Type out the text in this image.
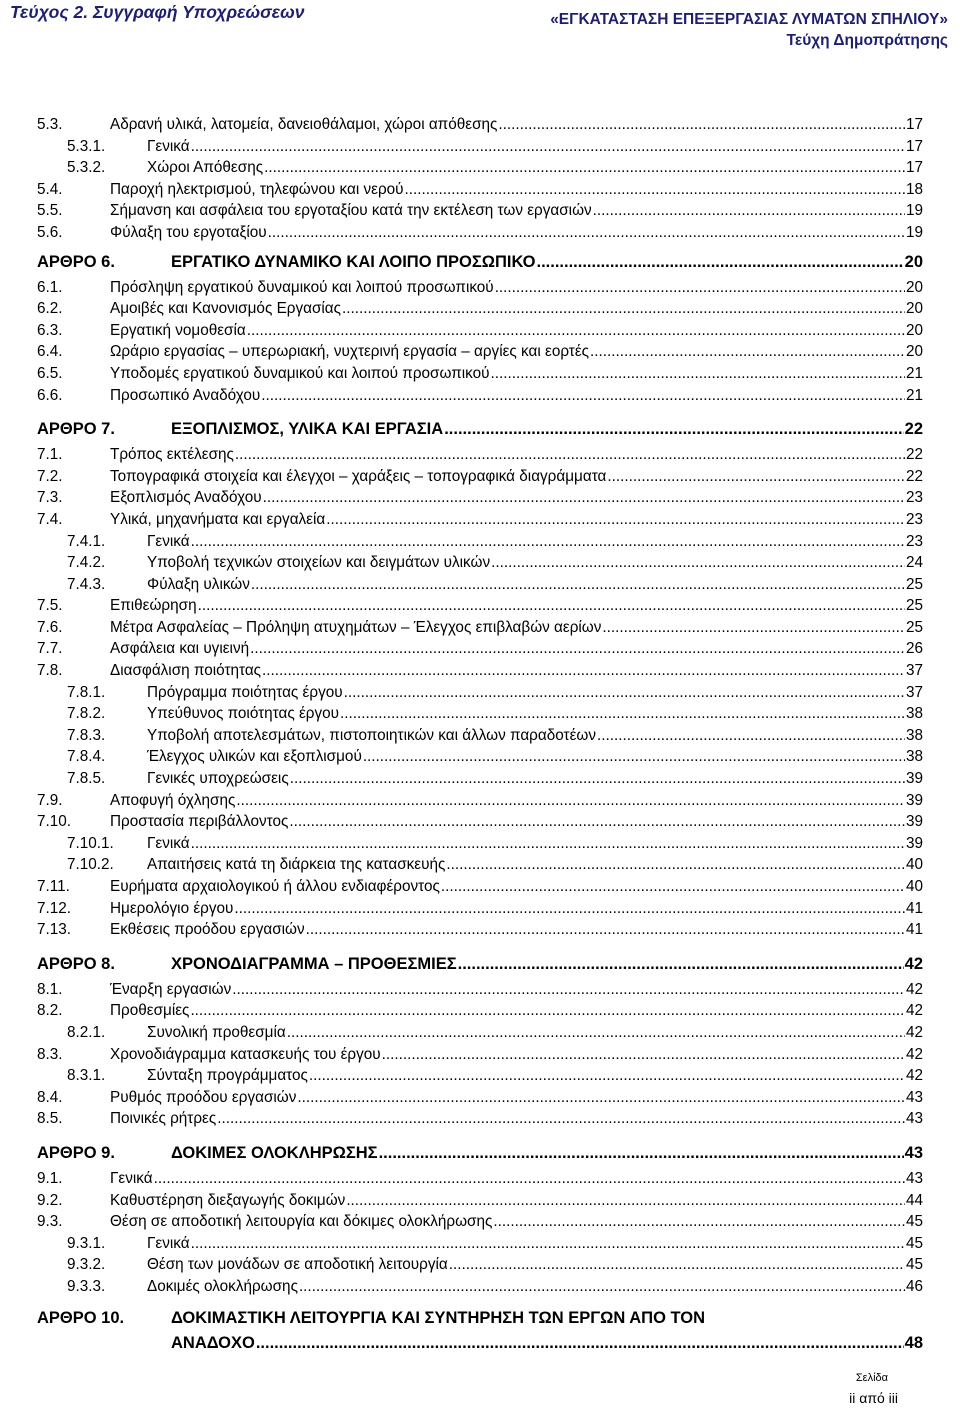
Τεύχος 2. Συγγραφή Υποχρεώσεων	«ΕΓΚΑΤΑΣΤΑΣΗ ΕΠΕΞΕΡΓΑΣΙΑΣ ΛΥΜΑΤΩΝ ΣΠΗΛΙΟΥ»
Τεύχη Δημοπράτησης
5.3.	Αδρανή υλικά, λατομεία, δανειοθάλαμοι, χώροι απόθεσης .....	17
5.3.1.	Γενικά .....	17
5.3.2.	Χώροι Απόθεσης .....	17
5.4.	Παροχή ηλεκτρισμού, τηλεφώνου και νερού .....	18
5.5.	Σήμανση και ασφάλεια του εργοταξίου κατά την εκτέλεση των εργασιών .....	19
5.6.	Φύλαξη του εργοταξίου .....	19
ΑΡΘΡΟ 6.	ΕΡΓΑΤΙΚΟ ΔΥΝΑΜΙΚΟ ΚΑΙ ΛΟΙΠΟ ΠΡΟΣΩΠΙΚΟ .....	20
6.1.	Πρόσληψη εργατικού δυναμικού και λοιπού προσωπικού .....	20
6.2.	Αμοιβές και Κανονισμός Εργασίας .....	20
6.3.	Εργατική νομοθεσία .....	20
6.4.	Ωράριο εργασίας – υπερωριακή, νυχτερινή εργασία – αργίες και εορτές .....	20
6.5.	Υποδομές εργατικού δυναμικού και λοιπού προσωπικού .....	21
6.6.	Προσωπικό Αναδόχου .....	21
ΑΡΘΡΟ 7.	ΕΞΟΠΛΙΣΜΟΣ, ΥΛΙΚΑ ΚΑΙ ΕΡΓΑΣΙΑ .....	22
7.1.	Τρόπος εκτέλεσης .....	22
7.2.	Τοπογραφικά στοιχεία και έλεγχοι – χαράξεις – τοπογραφικά διαγράμματα .....	22
7.3.	Εξοπλισμός Αναδόχου .....	23
7.4.	Υλικά, μηχανήματα και εργαλεία .....	23
7.4.1.	Γενικά .....	23
7.4.2.	Υποβολή τεχνικών στοιχείων και δειγμάτων υλικών .....	24
7.4.3.	Φύλαξη υλικών .....	25
7.5.	Επιθεώρηση .....	25
7.6.	Μέτρα Ασφαλείας – Πρόληψη ατυχημάτων – Έλεγχος επιβλαβών αερίων .....	25
7.7.	Ασφάλεια και υγιεινή .....	26
7.8.	Διασφάλιση ποιότητας .....	37
7.8.1.	Πρόγραμμα ποιότητας έργου .....	37
7.8.2.	Υπεύθυνος ποιότητας έργου .....	38
7.8.3.	Υποβολή αποτελεσμάτων, πιστοποιητικών και άλλων παραδοτέων .....	38
7.8.4.	Έλεγχος υλικών και εξοπλισμού .....	38
7.8.5.	Γενικές υποχρεώσεις .....	39
7.9.	Αποφυγή όχλησης .....	39
7.10.	Προστασία περιβάλλοντος .....	39
7.10.1.	Γενικά .....	39
7.10.2.	Απαιτήσεις κατά τη διάρκεια της κατασκευής .....	40
7.11.	Ευρήματα αρχαιολογικού ή άλλου ενδιαφέροντος .....	40
7.12.	Ημερολόγιο έργου .....	41
7.13.	Εκθέσεις προόδου εργασιών .....	41
ΑΡΘΡΟ 8.	ΧΡΟΝΟΔΙΑΓΡΑΜΜΑ – ΠΡΟΘΕΣΜΙΕΣ .....	42
8.1.	Έναρξη εργασιών .....	42
8.2.	Προθεσμίες .....	42
8.2.1.	Συνολική προθεσμία .....	42
8.3.	Χρονοδιάγραμμα κατασκευής του έργου .....	42
8.3.1.	Σύνταξη προγράμματος .....	42
8.4.	Ρυθμός προόδου εργασιών .....	43
8.5.	Ποινικές ρήτρες .....	43
ΑΡΘΡΟ 9.	ΔΟΚΙΜΕΣ ΟΛΟΚΛΗΡΩΣΗΣ .....	43
9.1.	Γενικά .....	43
9.2.	Καθυστέρηση διεξαγωγής δοκιμών .....	44
9.3.	Θέση σε αποδοτική λειτουργία και δόκιμες ολοκλήρωσης .....	45
9.3.1.	Γενικά .....	45
9.3.2.	Θέση των μονάδων σε αποδοτική λειτουργία .....	45
9.3.3.	Δοκιμές ολοκλήρωσης .....	46
ΑΡΘΡΟ 10.	ΔΟΚΙΜΑΣΤΙΚΗ ΛΕΙΤΟΥΡΓΙΑ ΚΑΙ ΣΥΝΤΗΡΗΣΗ ΤΩΝ ΕΡΓΩΝ ΑΠΟ ΤΟΝ
ΑΝΑΔΟΧΟ .....	48
Σελίδα
ii από iii
